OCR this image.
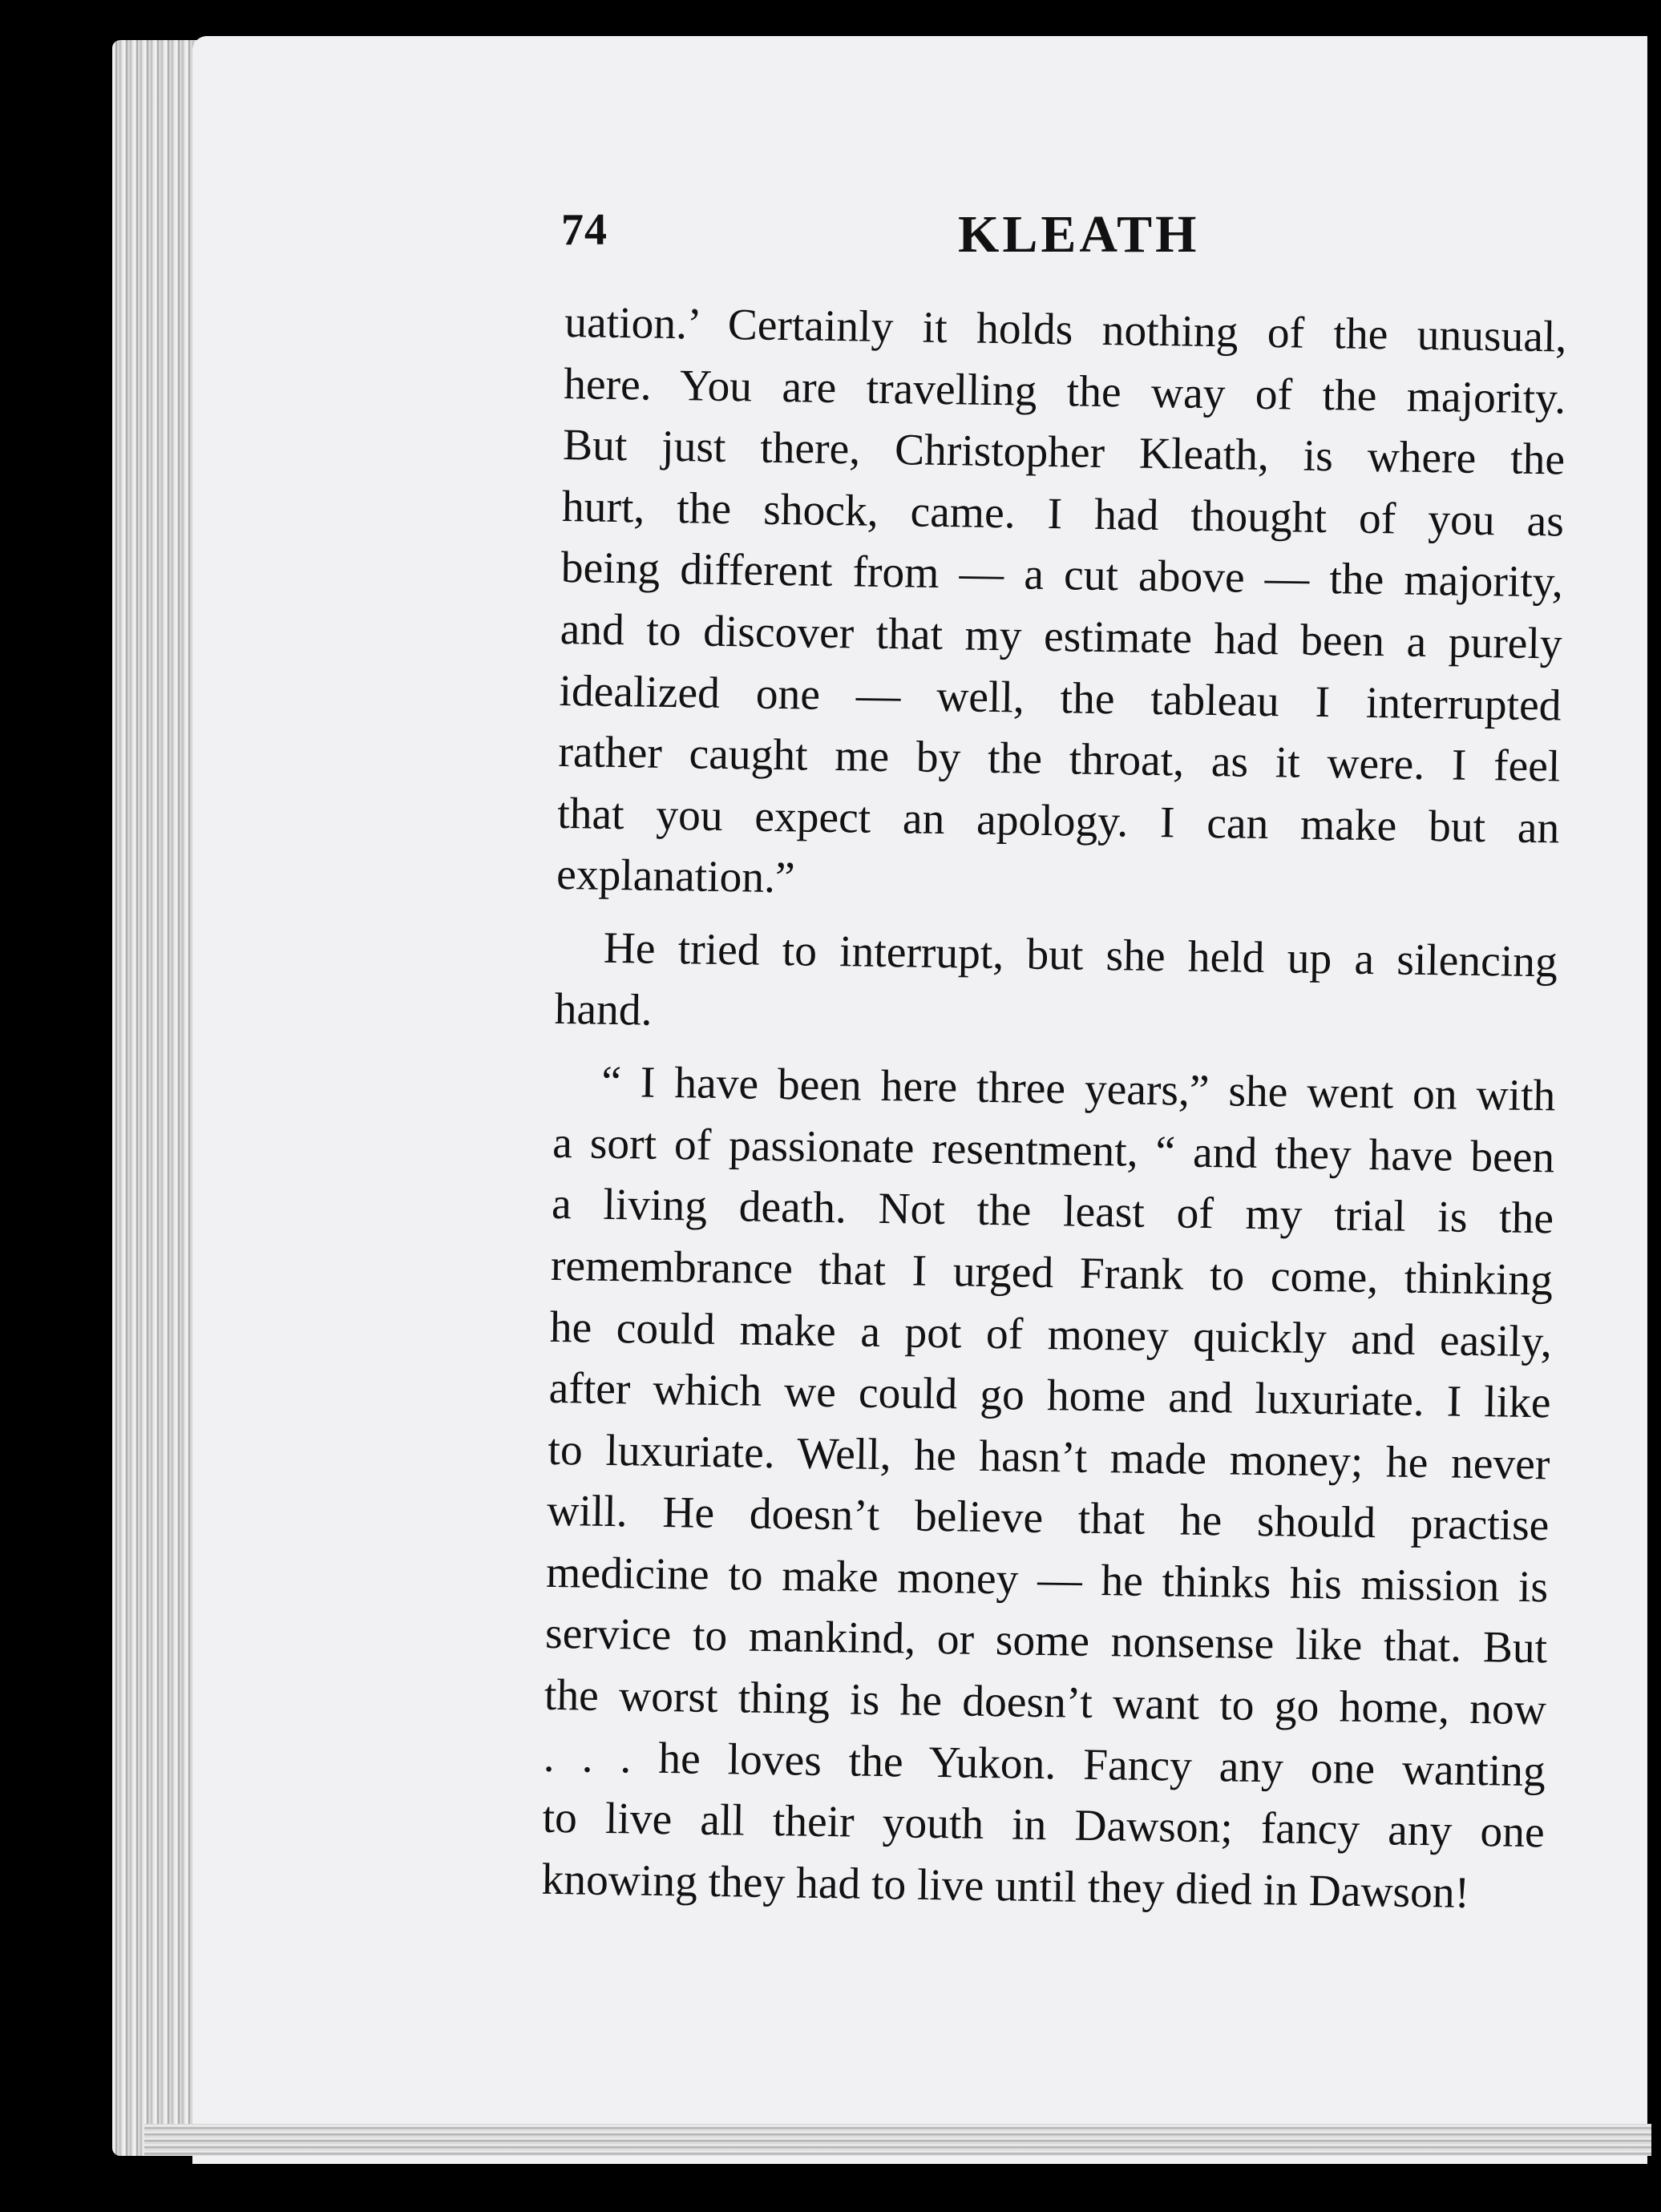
74	KLEATH
uation.’ Certainly it holds nothing of the unusual,
here. You are travelling the way of the majority.
But just there, Christopher Kleath, is where the
hurt, the shock, came. I had thought of you as
being different from — a cut above — the majority,
and to discover that my estimate had been a purely
idealized one — well, the tableau I interrupted
rather caught me by the throat, as it were. I feel
that you expect an apology. I can make but an
explanation.”
He tried to interrupt, but she held up a silencing
hand.
“ I have been here three years,” she went on with
a sort of passionate resentment, “ and they have been
a living death. Not the least of my trial is the
remembrance that I urged Frank to come, thinking
he could make a pot of money quickly and easily,
after which we could go home and luxuriate. I like
to luxuriate. Well, he hasn’t made money; he never
will. He doesn’t believe that he should practise
medicine to make money — he thinks his mission is
service to mankind, or some nonsense like that. But
the worst thing is he doesn’t want to go home, now
. . . he loves the Yukon. Fancy any one wanting
to live all their youth in Dawson; fancy any one
knowing they had to live until they died in Dawson!
